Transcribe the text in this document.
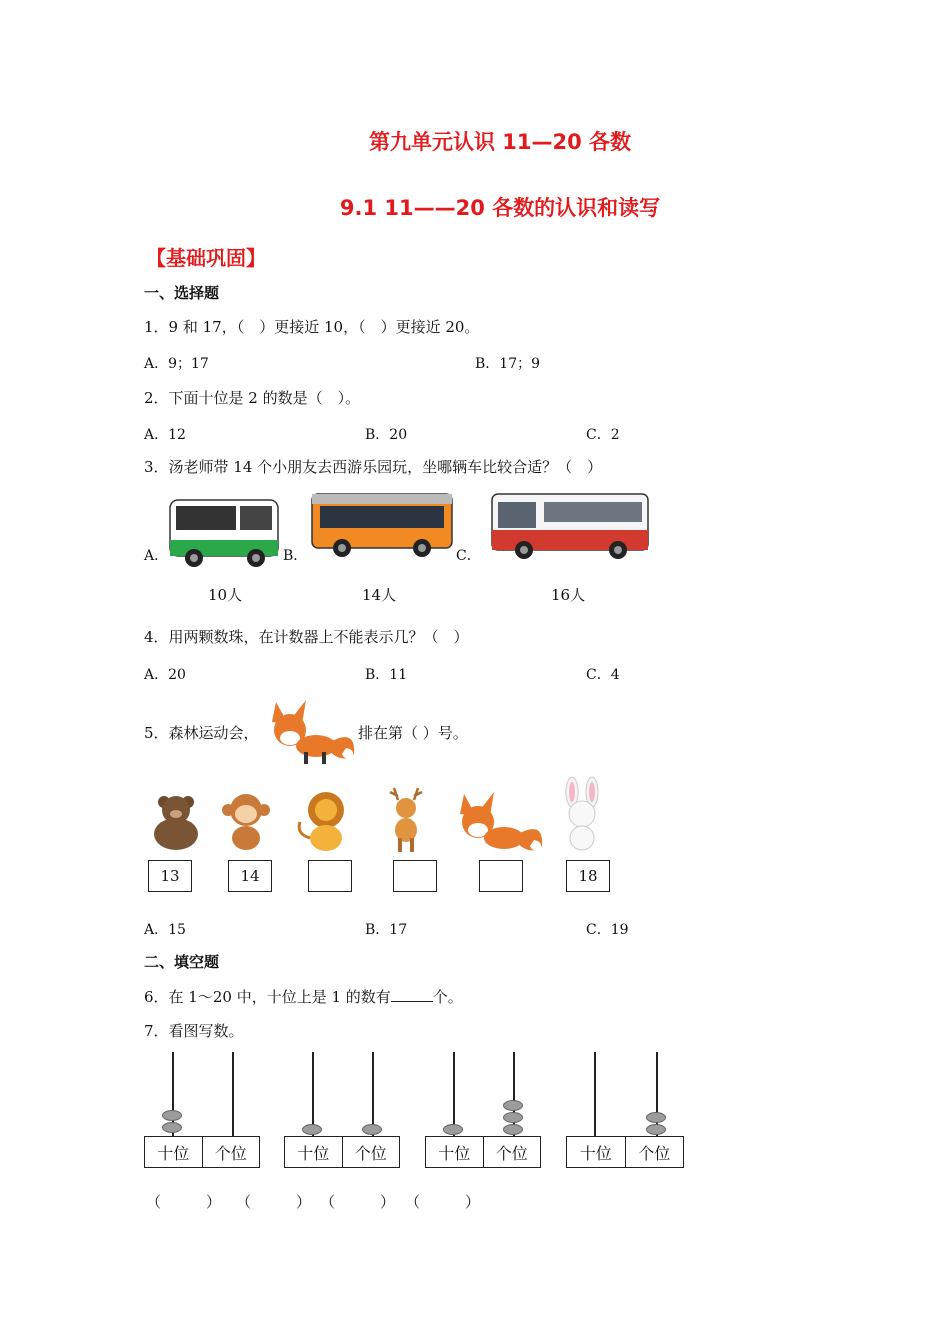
第九单元认识 11—20 各数
9.1 11——20 各数的认识和读写
【基础巩固】
一、选择题
1．9 和 17，（　）更接近 10，（　）更接近 20。
A．9；17	B．17；9
2．下面十位是 2 的数是（　）。
A．12	B．20	C．2
3．汤老师带 14 个小朋友去西游乐园玩，坐哪辆车比较合适？（　）
A．	B．	C．
10人	14人	16人
4．用两颗数珠，在计数器上不能表示几？（　）
A．20	B．11	C．4
5．森林运动会，	排在第（ ）号。
13	14	18
A．15	B．17	C．19
二、填空题
6．在 1～20 中，十位上是 1 的数有	个。
7．看图写数。
十位	个位	十位	个位	十位	个位	十位	个位
（　　　） （　　　） （　　　） （　　　）
